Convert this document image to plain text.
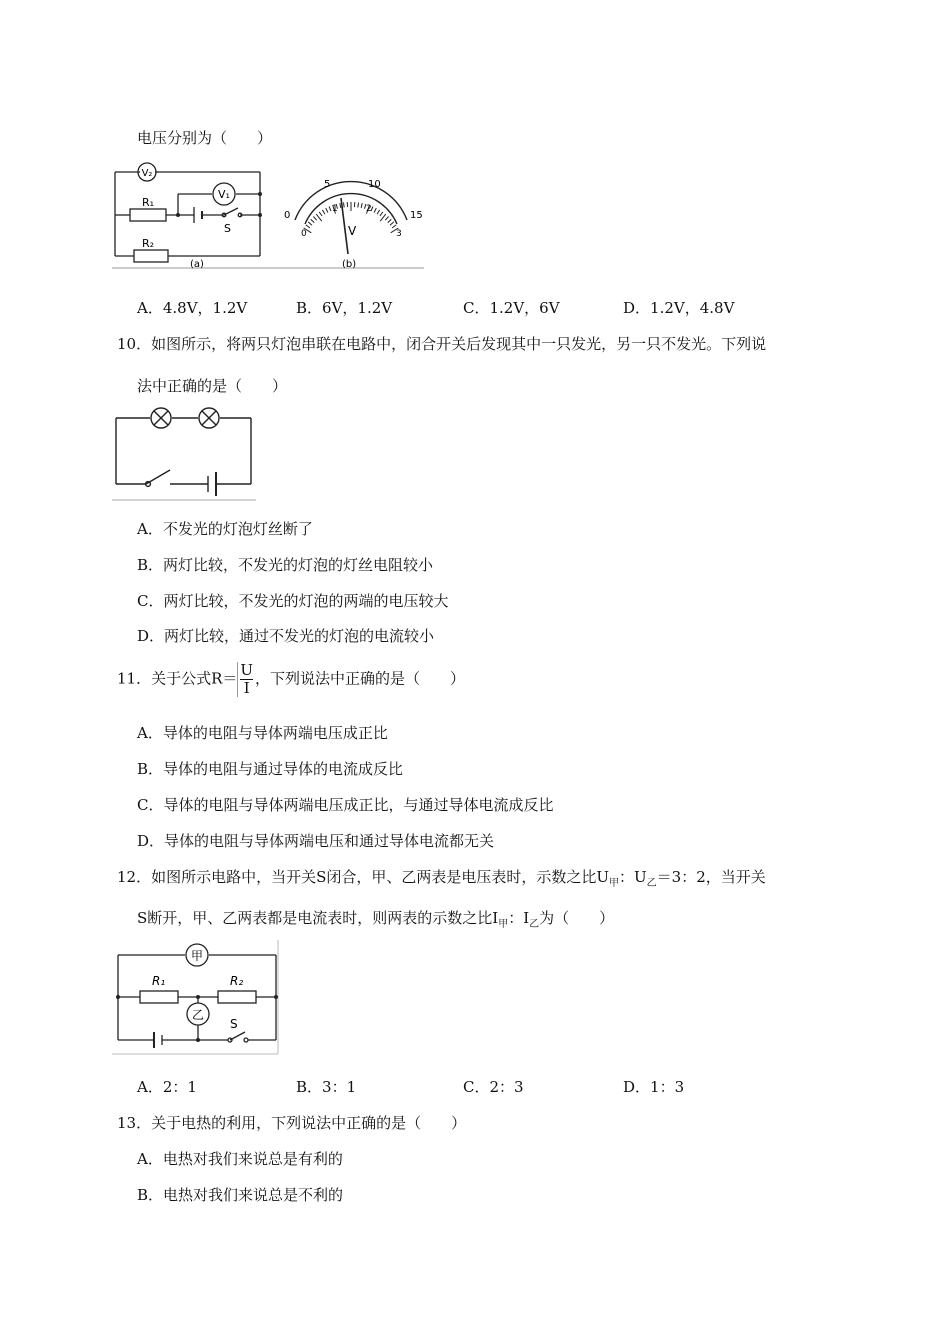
电压分别为（　　）
V₂
V₁
R₁
R₂
S
(a)	(b)
V
0
5	10
15
0
1	2
3
A．4.8V，1.2V	B．6V，1.2V	C．1.2V，6V	D．1.2V，4.8V
10．如图所示，将两只灯泡串联在电路中，闭合开关后发现其中一只发光，另一只不发光。下列说
法中正确的是（　　）
A．不发光的灯泡灯丝断了
B．两灯比较，不发光的灯泡的灯丝电阻较小
C．两灯比较，不发光的灯泡的两端的电压较大
D．两灯比较，通过不发光的灯泡的电流较小
11．关于公式$R= \frac{U}{I}$ ，下列说法中正确的是（　　）
A．导体的电阻与导体两端电压成正比
B．导体的电阻与通过导体的电流成反比
C．导体的电阻与导体两端电压成正比，与通过导体电流成反比
D．导体的电阻与导体两端电压和通过导体电流都无关
12．如图所示电路中，当开关S闭合，甲、乙两表是电压表时，示数之比$U_甲$：$U_乙=3$：2，当开关
S断开，甲、乙两表都是电流表时，则两表的示数之比$I_甲$：$I_乙$为（　　）
甲
乙
R₁	R₂
S
A．2：1	B．3：1	C．2：3	D．1：3
13．关于电热的利用，下列说法中正确的是（　　）
A．电热对我们来说总是有利的
B．电热对我们来说总是不利的
